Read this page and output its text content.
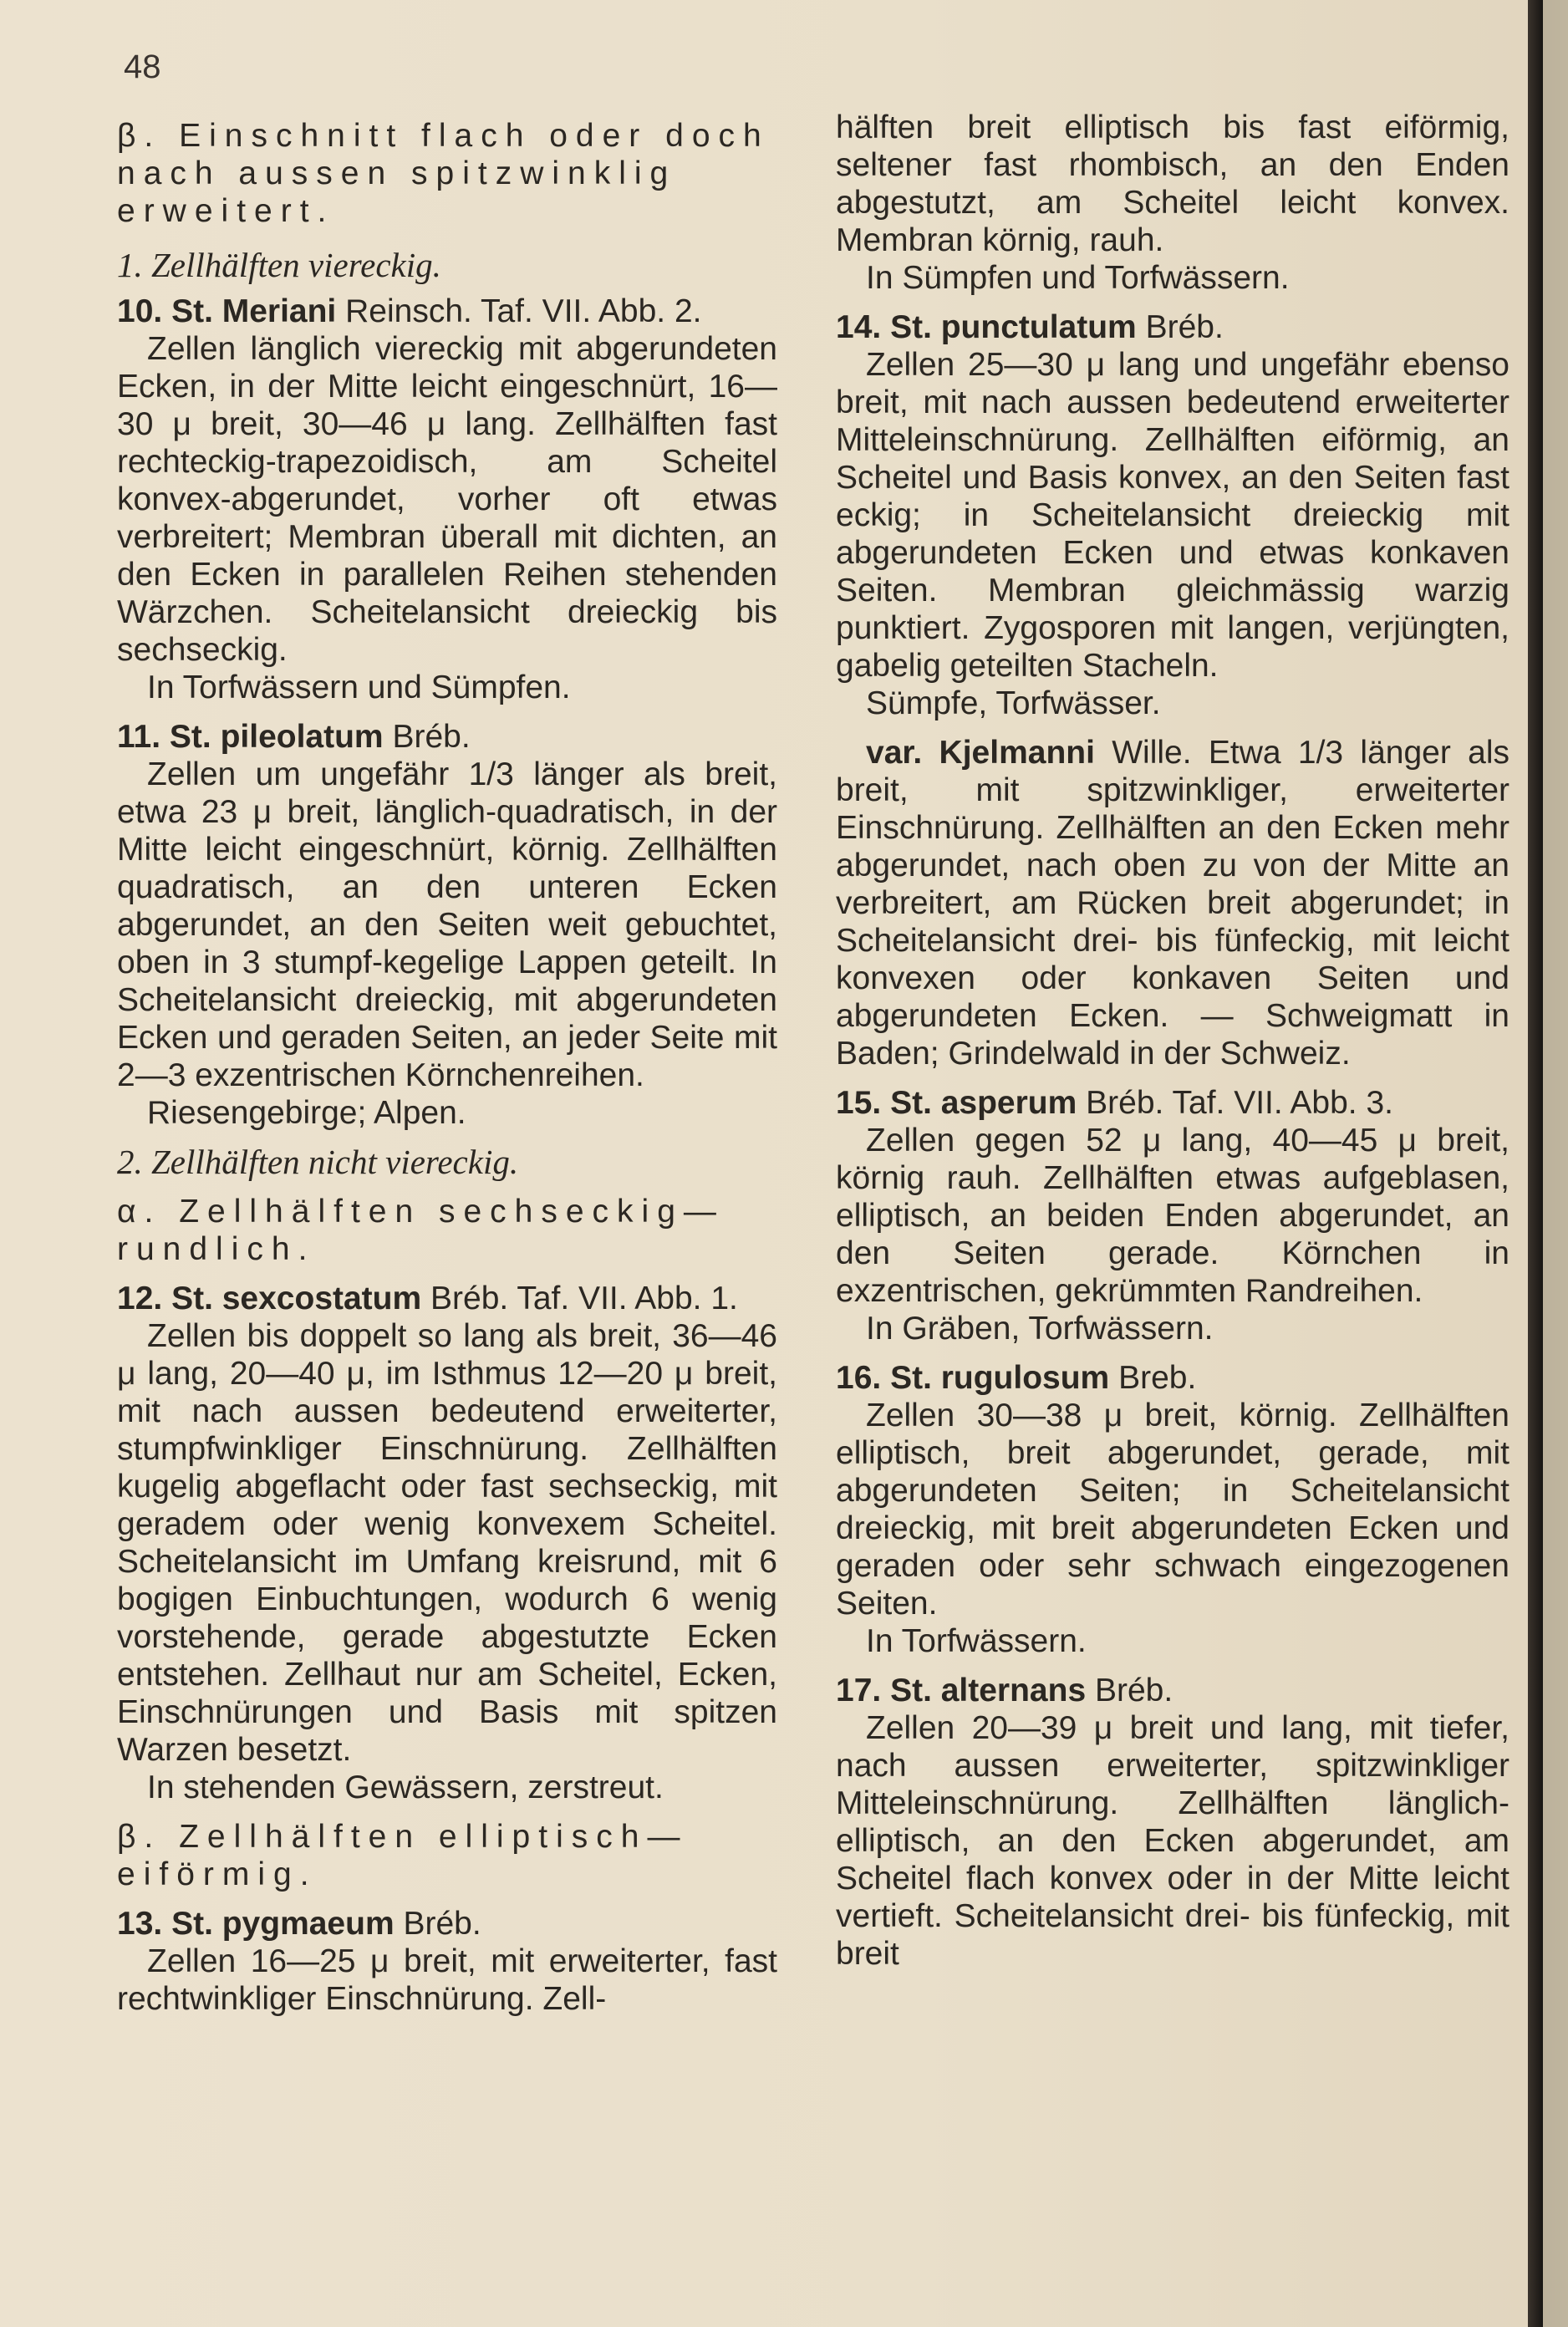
48

β. Einschnitt flach oder doch

nach aussen spitzwinklig

erweitert.

1. Zellhälften viereckig.

10. St. Meriani Reinsch. Taf. VII. Abb. 2.

Zellen länglich viereckig mit abgerundeten Ecken, in der Mitte leicht eingeschnürt, 16—30 μ breit, 30—46 μ lang. Zellhälften fast rechteckig-trapezoidisch, am Scheitel konvex-abgerundet, vorher oft etwas verbreitert; Membran überall mit dichten, an den Ecken in parallelen Reihen stehenden Wärzchen. Scheitelansicht dreieckig bis sechseckig.

In Torfwässern und Sümpfen.

11. St. pileolatum Bréb.

Zellen um ungefähr 1/3 länger als breit, etwa 23 μ breit, länglich-quadratisch, in der Mitte leicht eingeschnürt, körnig. Zellhälften quadratisch, an den unteren Ecken abgerundet, an den Seiten weit gebuchtet, oben in 3 stumpf-kegelige Lappen geteilt. In Scheitelansicht dreieckig, mit abgerundeten Ecken und geraden Seiten, an jeder Seite mit 2—3 exzentrischen Körnchenreihen.

Riesengebirge; Alpen.

2. Zellhälften nicht viereckig.

α. Zellhälften sechseckig—

rundlich.

12. St. sexcostatum Bréb. Taf. VII. Abb. 1.

Zellen bis doppelt so lang als breit, 36—46 μ lang, 20—40 μ, im Isthmus 12—20 μ breit, mit nach aussen bedeutend erweiterter, stumpfwinkliger Einschnürung. Zellhälften kugelig abgeflacht oder fast sechseckig, mit geradem oder wenig konvexem Scheitel. Scheitelansicht im Umfang kreisrund, mit 6 bogigen Einbuchtungen, wodurch 6 wenig vorstehende, gerade abgestutzte Ecken entstehen. Zellhaut nur am Scheitel, Ecken, Einschnürungen und Basis mit spitzen Warzen besetzt.

In stehenden Gewässern, zerstreut.

β. Zellhälften elliptisch—

eiförmig.

13. St. pygmaeum Bréb.

Zellen 16—25 μ breit, mit erweiterter, fast rechtwinkliger Einschnürung. Zell-

hälften breit elliptisch bis fast eiförmig, seltener fast rhombisch, an den Enden abgestutzt, am Scheitel leicht konvex. Membran körnig, rauh.

In Sümpfen und Torfwässern.

14. St. punctulatum Bréb.

Zellen 25—30 μ lang und ungefähr ebenso breit, mit nach aussen bedeutend erweiterter Mitteleinschnürung. Zellhälften eiförmig, an Scheitel und Basis konvex, an den Seiten fast eckig; in Scheitelansicht dreieckig mit abgerundeten Ecken und etwas konkaven Seiten. Membran gleichmässig warzig punktiert. Zygosporen mit langen, verjüngten, gabelig geteilten Stacheln.

Sümpfe, Torfwässer.

var. Kjelmanni Wille. Etwa 1/3 länger als breit, mit spitzwinkliger, erweiterter Einschnürung. Zellhälften an den Ecken mehr abgerundet, nach oben zu von der Mitte an verbreitert, am Rücken breit abgerundet; in Scheitelansicht drei- bis fünfeckig, mit leicht konvexen oder konkaven Seiten und abgerundeten Ecken. — Schweigmatt in Baden; Grindelwald in der Schweiz.

15. St. asperum Bréb. Taf. VII. Abb. 3.

Zellen gegen 52 μ lang, 40—45 μ breit, körnig rauh. Zellhälften etwas aufgeblasen, elliptisch, an beiden Enden abgerundet, an den Seiten gerade. Körnchen in exzentrischen, gekrümmten Randreihen.

In Gräben, Torfwässern.

16. St. rugulosum Breb.

Zellen 30—38 μ breit, körnig. Zellhälften elliptisch, breit abgerundet, gerade, mit abgerundeten Seiten; in Scheitelansicht dreieckig, mit breit abgerundeten Ecken und geraden oder sehr schwach eingezogenen Seiten.

In Torfwässern.

17. St. alternans Bréb.

Zellen 20—39 μ breit und lang, mit tiefer, nach aussen erweiterter, spitzwinkliger Mitteleinschnürung. Zellhälften länglich-elliptisch, an den Ecken abgerundet, am Scheitel flach konvex oder in der Mitte leicht vertieft. Scheitelansicht drei- bis fünfeckig, mit breit
